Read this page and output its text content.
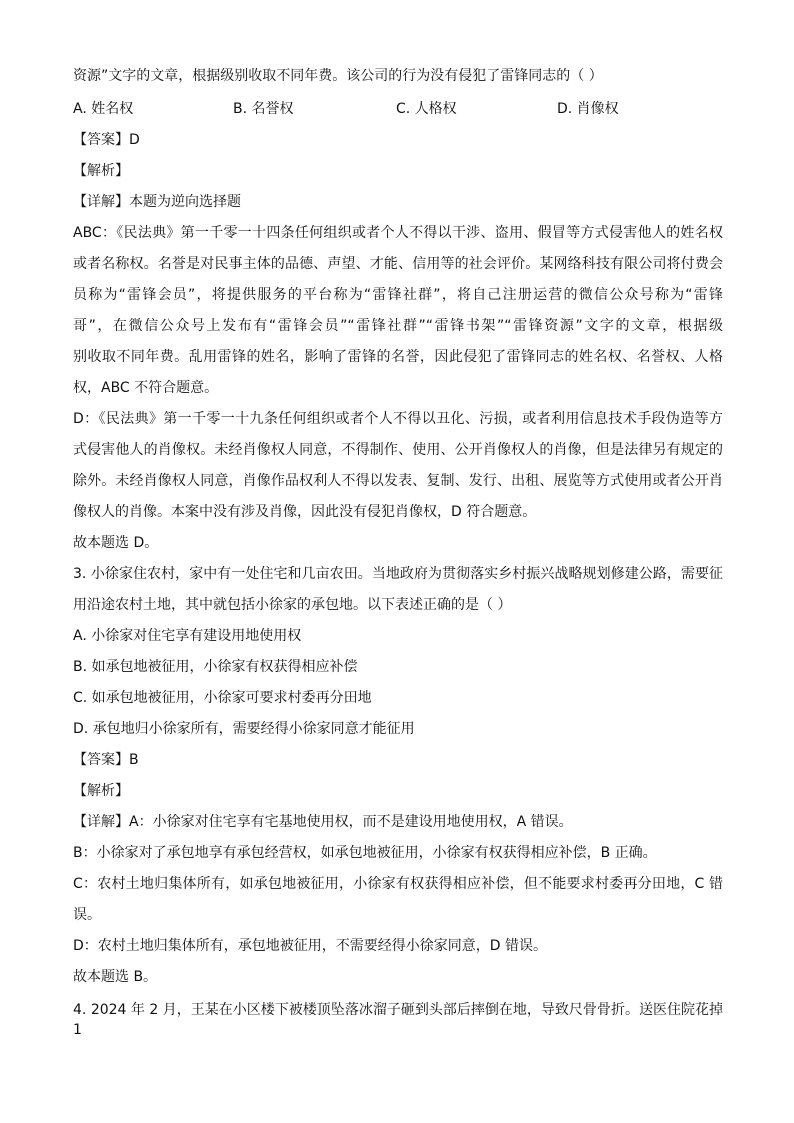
资源”文字的文章，根据级别收取不同年费。该公司的行为没有侵犯了雷锋同志的（ ）
A. 姓名权	B. 名誉权	C. 人格权	D. 肖像权
【答案】D
【解析】
【详解】本题为逆向选择题
ABC：《民法典》第一千零一十四条任何组织或者个人不得以干涉、盗用、假冒等方式侵害他人的姓名权
或者名称权。名誉是对民事主体的品德、声望、才能、信用等的社会评价。某网络科技有限公司将付费会
员称为“雷锋会员”，将提供服务的平台称为“雷锋社群”，将自己注册运营的微信公众号称为“雷锋
哥”，在微信公众号上发布有“雷锋会员”“雷锋社群”“雷锋书架”“雷锋资源”文字的文章，根据级
别收取不同年费。乱用雷锋的姓名，影响了雷锋的名誉，因此侵犯了雷锋同志的姓名权、名誉权、人格
权，ABC 不符合题意。
D：《民法典》第一千零一十九条任何组织或者个人不得以丑化、污损，或者利用信息技术手段伪造等方
式侵害他人的肖像权。未经肖像权人同意，不得制作、使用、公开肖像权人的肖像，但是法律另有规定的
除外。未经肖像权人同意，肖像作品权利人不得以发表、复制、发行、出租、展览等方式使用或者公开肖
像权人的肖像。本案中没有涉及肖像，因此没有侵犯肖像权，D 符合题意。
故本题选 D。
3. 小徐家住农村，家中有一处住宅和几亩农田。当地政府为贯彻落实乡村振兴战略规划修建公路，需要征
用沿途农村土地，其中就包括小徐家的承包地。以下表述正确的是（ ）
A. 小徐家对住宅享有建设用地使用权
B. 如承包地被征用，小徐家有权获得相应补偿
C. 如承包地被征用，小徐家可要求村委再分田地
D. 承包地归小徐家所有，需要经得小徐家同意才能征用
【答案】B
【解析】
【详解】A：小徐家对住宅享有宅基地使用权，而不是建设用地使用权，A 错误。
B：小徐家对了承包地享有承包经营权，如承包地被征用，小徐家有权获得相应补偿，B 正确。
C：农村土地归集体所有，如承包地被征用，小徐家有权获得相应补偿，但不能要求村委再分田地，C 错
误。
D：农村土地归集体所有，承包地被征用，不需要经得小徐家同意，D 错误。
故本题选 B。
4. 2024 年 2 月，王某在小区楼下被楼顶坠落冰溜子砸到头部后摔倒在地，导致尺骨骨折。送医住院花掉 1
